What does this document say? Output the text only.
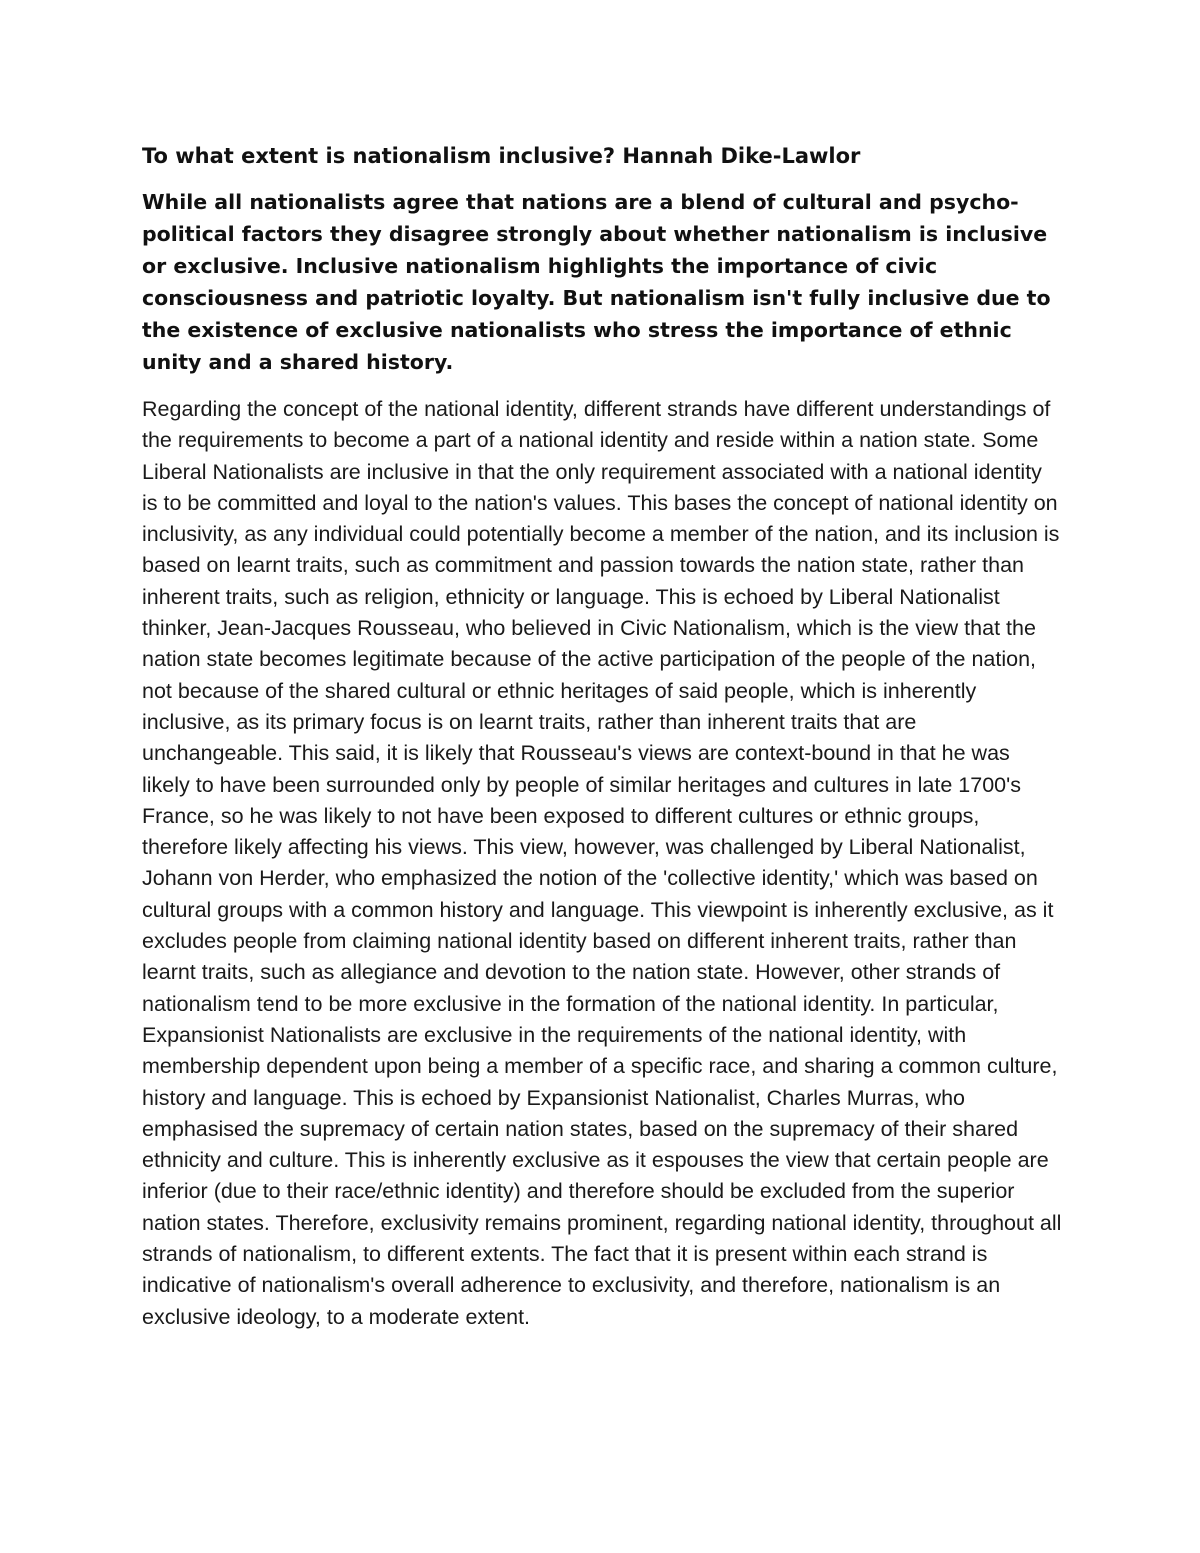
To what extent is nationalism inclusive? Hannah Dike-Lawlor

While all nationalists agree that nations are a blend of cultural and psycho-political factors they disagree strongly about whether nationalism is inclusive or exclusive. Inclusive nationalism highlights the importance of civic consciousness and patriotic loyalty. But nationalism isn't fully inclusive due to the existence of exclusive nationalists who stress the importance of ethnic unity and a shared history.

Regarding the concept of the national identity, different strands have different understandings of the requirements to become a part of a national identity and reside within a nation state. Some Liberal Nationalists are inclusive in that the only requirement associated with a national identity is to be committed and loyal to the nation's values. This bases the concept of national identity on inclusivity, as any individual could potentially become a member of the nation, and its inclusion is based on learnt traits, such as commitment and passion towards the nation state, rather than inherent traits, such as religion, ethnicity or language. This is echoed by Liberal Nationalist thinker, Jean-Jacques Rousseau, who believed in Civic Nationalism, which is the view that the nation state becomes legitimate because of the active participation of the people of the nation, not because of the shared cultural or ethnic heritages of said people, which is inherently inclusive, as its primary focus is on learnt traits, rather than inherent traits that are unchangeable. This said, it is likely that Rousseau's views are context-bound in that he was likely to have been surrounded only by people of similar heritages and cultures in late 1700's France, so he was likely to not have been exposed to different cultures or ethnic groups, therefore likely affecting his views. This view, however, was challenged by Liberal Nationalist, Johann von Herder, who emphasized the notion of the 'collective identity,' which was based on cultural groups with a common history and language. This viewpoint is inherently exclusive, as it excludes people from claiming national identity based on different inherent traits, rather than learnt traits, such as allegiance and devotion to the nation state. However, other strands of nationalism tend to be more exclusive in the formation of the national identity. In particular, Expansionist Nationalists are exclusive in the requirements of the national identity, with membership dependent upon being a member of a specific race, and sharing a common culture, history and language. This is echoed by Expansionist Nationalist, Charles Murras, who emphasised the supremacy of certain nation states, based on the supremacy of their shared ethnicity and culture. This is inherently exclusive as it espouses the view that certain people are inferior (due to their race/ethnic identity) and therefore should be excluded from the superior nation states. Therefore, exclusivity remains prominent, regarding national identity, throughout all strands of nationalism, to different extents. The fact that it is present within each strand is indicative of nationalism's overall adherence to exclusivity, and therefore, nationalism is an exclusive ideology, to a moderate extent.
